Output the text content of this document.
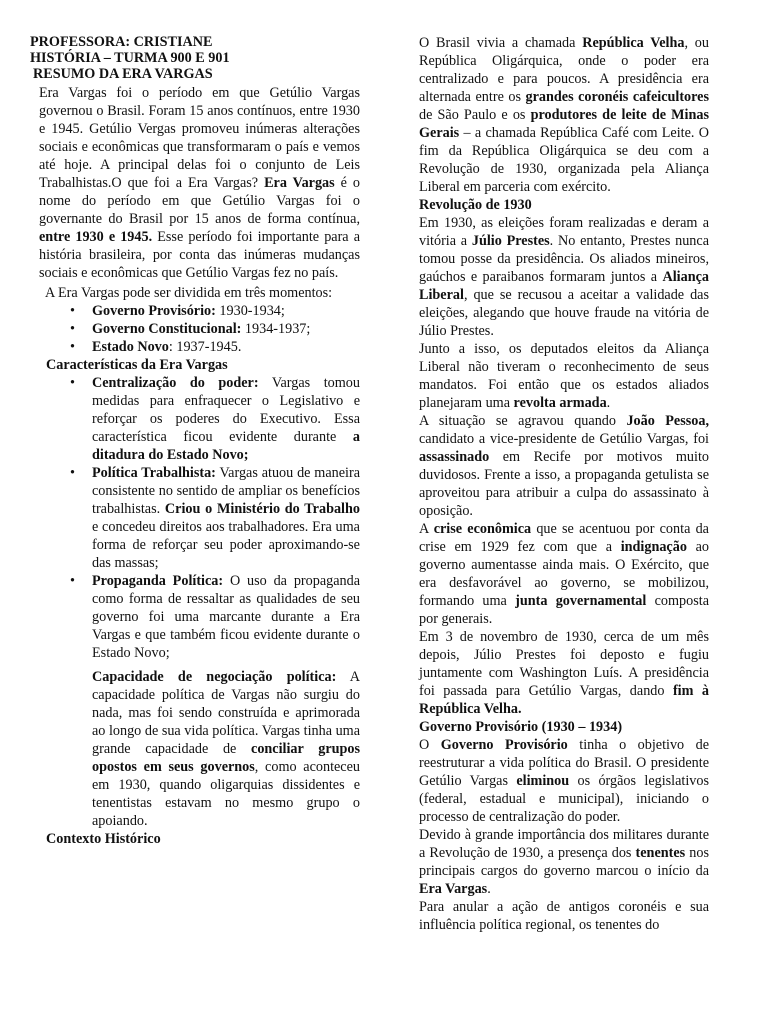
PROFESSORA: CRISTIANE

HISTÓRIA – TURMA 900 E 901

RESUMO DA ERA VARGAS

Era Vargas foi o período em que Getúlio Vargas governou o Brasil. Foram 15 anos contínuos, entre 1930 e 1945. Getúlio Vergas promoveu inúmeras alterações sociais e econômicas que transformaram o país e vemos até hoje. A principal delas foi o conjunto de Leis Trabalhistas.O que foi a Era Vargas? Era Vargas é o nome do período em que Getúlio Vargas foi o governante do Brasil por 15 anos de forma contínua, entre 1930 e 1945. Esse período foi importante para a história brasileira, por conta das inúmeras mudanças sociais e econômicas que Getúlio Vargas fez no país.

A Era Vargas pode ser dividida em três momentos:

• Governo Provisório: 1930-1934;
• Governo Constitucional: 1934-1937;
• Estado Novo: 1937-1945.

Características da Era Vargas

• Centralização do poder: Vargas tomou medidas para enfraquecer o Legislativo e reforçar os poderes do Executivo. Essa característica ficou evidente durante a ditadura do Estado Novo;
• Política Trabalhista: Vargas atuou de maneira consistente no sentido de ampliar os benefícios trabalhistas. Criou o Ministério do Trabalho e concedeu direitos aos trabalhadores. Era uma forma de reforçar seu poder aproximando-se das massas;
• Propaganda Política: O uso da propaganda como forma de ressaltar as qualidades de seu governo foi uma marcante durante a Era Vargas e que também ficou evidente durante o Estado Novo;

Capacidade de negociação política: A capacidade política de Vargas não surgiu do nada, mas foi sendo construída e aprimorada ao longo de sua vida política. Vargas tinha uma grande capacidade de conciliar grupos opostos em seus governos, como aconteceu em 1930, quando oligarquias dissidentes e tenentistas estavam no mesmo grupo o apoiando.

Contexto Histórico

O Brasil vivia a chamada República Velha, ou República Oligárquica, onde o poder era centralizado e para poucos. A presidência era alternada entre os grandes coronéis cafeicultores de São Paulo e os produtores de leite de Minas Gerais – a chamada República Café com Leite. O fim da República Oligárquica se deu com a Revolução de 1930, organizada pela Aliança Liberal em parceria com exército.

Revolução de 1930

Em 1930, as eleições foram realizadas e deram a vitória a Júlio Prestes. No entanto, Prestes nunca tomou posse da presidência. Os aliados mineiros, gaúchos e paraibanos formaram juntos a Aliança Liberal, que se recusou a aceitar a validade das eleições, alegando que houve fraude na vitória de Júlio Prestes.

Junto a isso, os deputados eleitos da Aliança Liberal não tiveram o reconhecimento de seus mandatos. Foi então que os estados aliados planejaram uma revolta armada.

A situação se agravou quando João Pessoa, candidato a vice-presidente de Getúlio Vargas, foi assassinado em Recife por motivos muito duvidosos. Frente a isso, a propaganda getulista se aproveitou para atribuir a culpa do assassinato à oposição.

A crise econômica que se acentuou por conta da crise em 1929 fez com que a indignação ao governo aumentasse ainda mais. O Exército, que era desfavorável ao governo, se mobilizou, formando uma junta governamental composta por generais.

Em 3 de novembro de 1930, cerca de um mês depois, Júlio Prestes foi deposto e fugiu juntamente com Washington Luís. A presidência foi passada para Getúlio Vargas, dando fim à República Velha.

Governo Provisório (1930 – 1934)

O Governo Provisório tinha o objetivo de reestruturar a vida política do Brasil. O presidente Getúlio Vargas eliminou os órgãos legislativos (federal, estadual e municipal), iniciando o processo de centralização do poder.

Devido à grande importância dos militares durante a Revolução de 1930, a presença dos tenentes nos principais cargos do governo marcou o início da Era Vargas.

Para anular a ação de antigos coronéis e sua influência política regional, os tenentes do
